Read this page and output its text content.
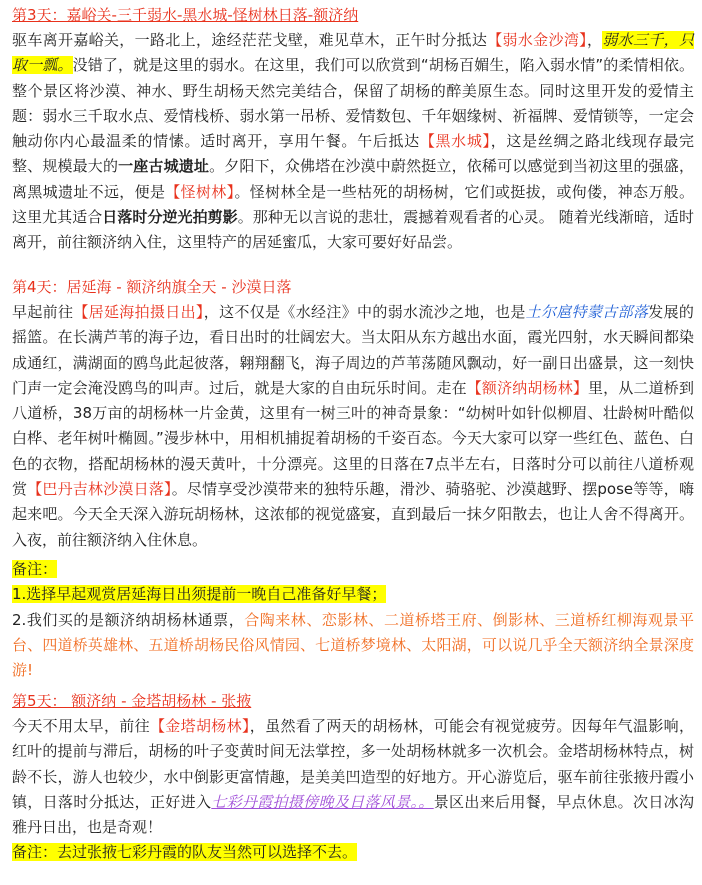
第3天：嘉峪关-三千弱水-黑水城-怪树林日落-额济纳

驱车离开嘉峪关，一路北上，途经茫茫戈壁，难见草木，正午时分抵达【弱水金沙湾】，弱水三千，只取一瓢。没错了，就是这里的弱水。在这里，我们可以欣赏到“胡杨百媚生，陷入弱水情”的柔情相依。整个景区将沙漠、神水、野生胡杨天然完美结合，保留了胡杨的醉美原生态。同时这里开发的爱情主题：弱水三千取水点、爱情栈桥、弱水第一吊桥、爱情数包、千年姻缘树、祈福牌、爱情锁等，一定会触动你内心最温柔的情愫。适时离开，享用午餐。午后抵达【黑水城】，这是丝绸之路北线现存最完整、规模最大的一座古城遗址。夕阳下，众佛塔在沙漠中蔚然挺立，依稀可以感觉到当初这里的强盛，离黑城遗址不远，便是【怪树林】。怪树林全是一些枯死的胡杨树，它们或挺拔，或佝偻，神态万般。这里尤其适合日落时分逆光拍剪影。那种无以言说的悲壮，震撼着观看者的心灵。 随着光线渐暗，适时离开，前往额济纳入住，这里特产的居延蜜瓜，大家可要好好品尝。

第4天：居延海 - 额济纳旗全天 - 沙漠日落

早起前往【居延海拍摄日出】，这不仅是《水经注》中的弱水流沙之地，也是土尔扈特蒙古部落发展的摇篮。在长满芦苇的海子边，看日出时的壮阔宏大。当太阳从东方越出水面，霞光四射，水天瞬间都染成通红，满湖面的鸥鸟此起彼落，翱翔翻飞，海子周边的芦苇荡随风飘动，好一副日出盛景，这一刻快门声一定会淹没鸥鸟的叫声。过后，就是大家的自由玩乐时间。走在【额济纳胡杨林】里，从二道桥到八道桥，38万亩的胡杨林一片金黄，这里有一树三叶的神奇景象：“幼树叶如针似柳眉、壮龄树叶酷似白桦、老年树叶椭圆。”漫步林中，用相机捕捉着胡杨的千姿百态。今天大家可以穿一些红色、蓝色、白色的衣物，搭配胡杨林的漫天黄叶，十分漂亮。这里的日落在7点半左右，日落时分可以前往八道桥观赏【巴丹吉林沙漠日落】。尽情享受沙漠带来的独特乐趣，滑沙、骑骆驼、沙漠越野、摆pose等等，嗨起来吧。今天全天深入游玩胡杨林，这浓郁的视觉盛宴，直到最后一抹夕阳散去，也让人舍不得离开。入夜，前往额济纳入住休息。

备注：

1.选择早起观赏居延海日出须提前一晚自己准备好早餐；

2.我们买的是额济纳胡杨林通票，合陶来林、恋影林、二道桥塔王府、倒影林、三道桥红柳海观景平台、四道桥英雄林、五道桥胡杨民俗风情园、七道桥梦境林、太阳湖，可以说几乎全天额济纳全景深度游!

第5天： 额济纳 - 金塔胡杨林 - 张掖

今天不用太早，前往【金塔胡杨林】，虽然看了两天的胡杨林，可能会有视觉疲劳。因每年气温影响，红叶的提前与滞后，胡杨的叶子变黄时间无法掌控，多一处胡杨林就多一次机会。金塔胡杨林特点，树龄不长，游人也较少，水中倒影更富情趣，是美美凹造型的好地方。开心游览后，驱车前往张掖丹霞小镇，日落时分抵达，正好进入七彩丹霞拍摄傍晚及日落风景。。景区出来后用餐，早点休息。次日冰沟雅丹日出，也是奇观！

备注：去过张掖七彩丹霞的队友当然可以选择不去。
